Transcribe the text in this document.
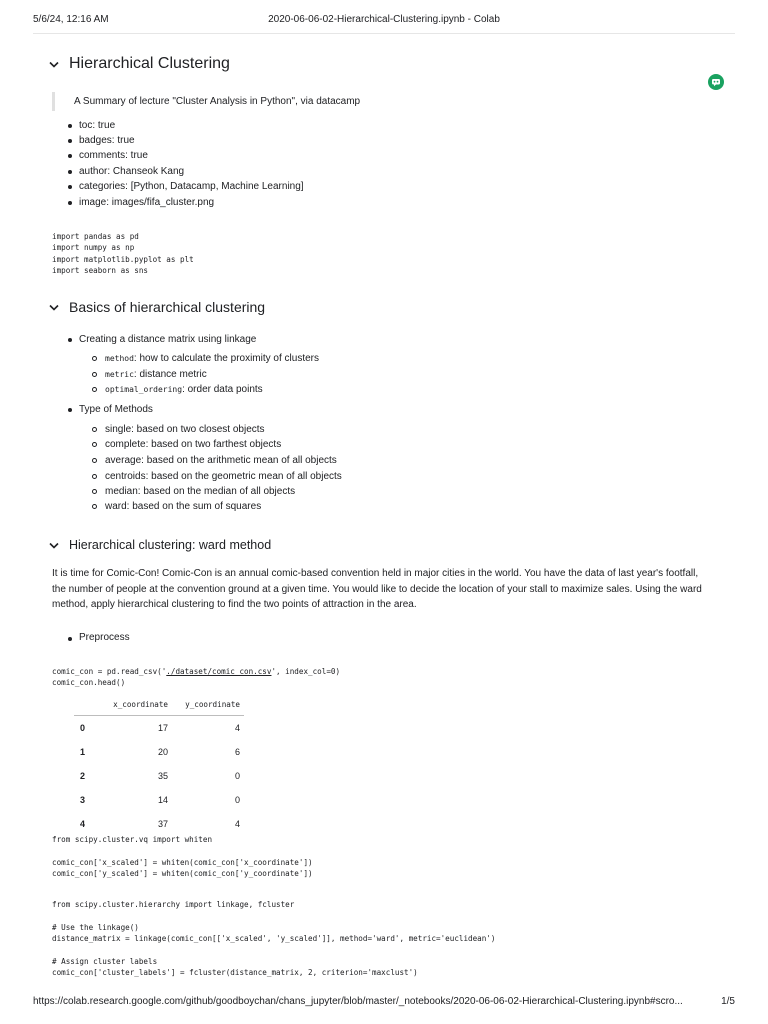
5/6/24, 12:16 AM	2020-06-06-02-Hierarchical-Clustering.ipynb - Colab
Hierarchical Clustering
A Summary of lecture "Cluster Analysis in Python", via datacamp
toc: true
badges: true
comments: true
author: Chanseok Kang
categories: [Python, Datacamp, Machine Learning]
image: images/fifa_cluster.png
import pandas as pd
import numpy as np
import matplotlib.pyplot as plt
import seaborn as sns
Basics of hierarchical clustering
Creating a distance matrix using linkage
method: how to calculate the proximity of clusters
metric: distance metric
optimal_ordering: order data points
Type of Methods
single: based on two closest objects
complete: based on two farthest objects
average: based on the arithmetic mean of all objects
centroids: based on the geometric mean of all objects
median: based on the median of all objects
ward: based on the sum of squares
Hierarchical clustering: ward method
It is time for Comic-Con! Comic-Con is an annual comic-based convention held in major cities in the world. You have the data of last year's footfall, the number of people at the convention ground at a given time. You would like to decide the location of your stall to maximize sales. Using the ward method, apply hierarchical clustering to find the two points of attraction in the area.
Preprocess
comic_con = pd.read_csv('./dataset/comic_con.csv', index_col=0)
comic_con.head()
	x_coordinate	y_coordinate
0	17	4
1	20	6
2	35	0
3	14	0
4	37	4
from scipy.cluster.vq import whiten

comic_con['x_scaled'] = whiten(comic_con['x_coordinate'])
comic_con['y_scaled'] = whiten(comic_con['y_coordinate'])
from scipy.cluster.hierarchy import linkage, fcluster

# Use the linkage()
distance_matrix = linkage(comic_con[['x_scaled', 'y_scaled']], method='ward', metric='euclidean')

# Assign cluster labels
comic_con['cluster_labels'] = fcluster(distance_matrix, 2, criterion='maxclust')
https://colab.research.google.com/github/goodboychan/chans_jupyter/blob/master/_notebooks/2020-06-06-02-Hierarchical-Clustering.ipynb#scro...	1/5
